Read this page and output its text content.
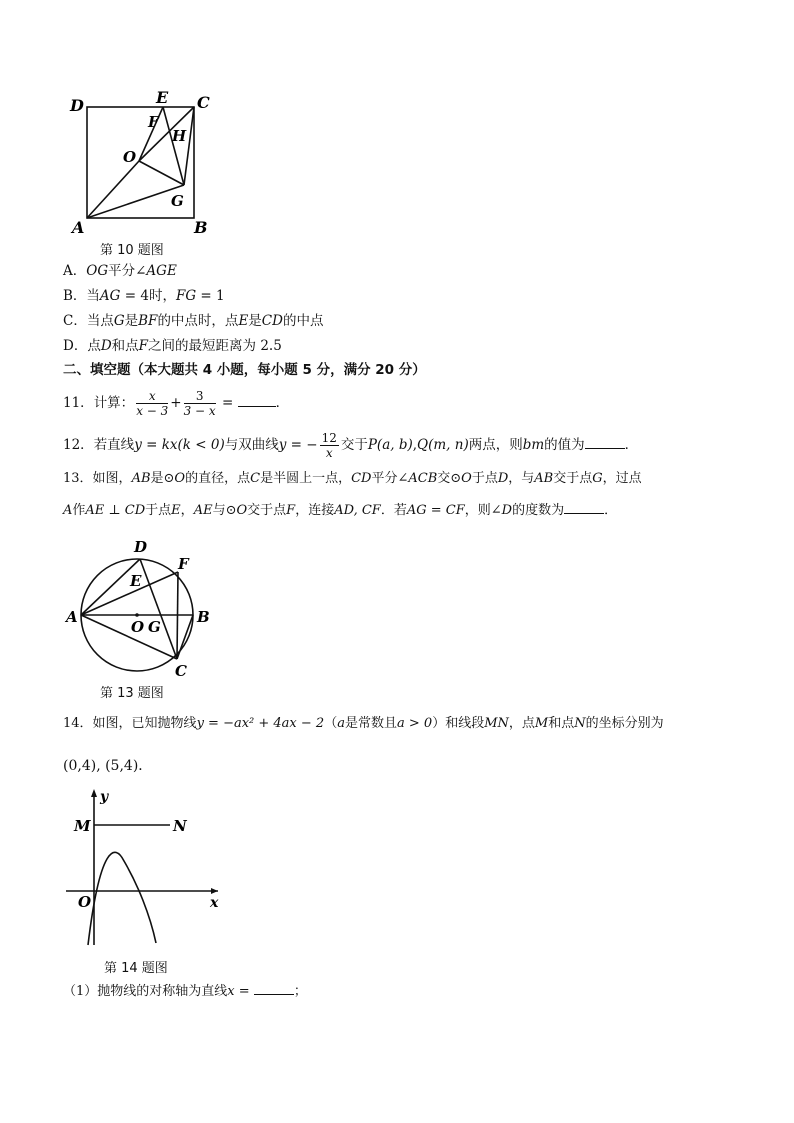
D	E C
F
H
O
G
A	B
第 10 题图
A．OG平分∠AGE
B．当AG = 4时，FG = 1
C．当点G是BF的中点时，点E是CD的中点
D．点D和点F之间的最短距离为 2.5
二、填空题（本大题共 4 小题，每小题 5 分，满分 20 分）
11．计算： $\frac{x}{x - 3} + \frac{3}{3 - x}$ =	．
12．若直线y = kx(k < 0)与双曲线y = − $\frac{12}{x}$ 交于P(a, b),Q(m, n)两点，则bm的值为	．
13．如图，AB是⊙O的直径，点C是半圆上一点，CD平分∠ACB交⊙O于点D，与AB交于点G，过点
A作AE ⊥ CD于点E，AE与⊙O交于点F，连接AD, CF．若AG = CF，则∠D的度数为	．
D
F
E
A	B
O G
C
第 13 题图
14．如图，已知抛物线y = −ax² + 4ax − 2（a是常数且a > 0）和线段MN，点M和点N的坐标分别为
(0,4), (5,4)．
y
M	N
O	x
第 14 题图
（1）抛物线的对称轴为直线x =	；
